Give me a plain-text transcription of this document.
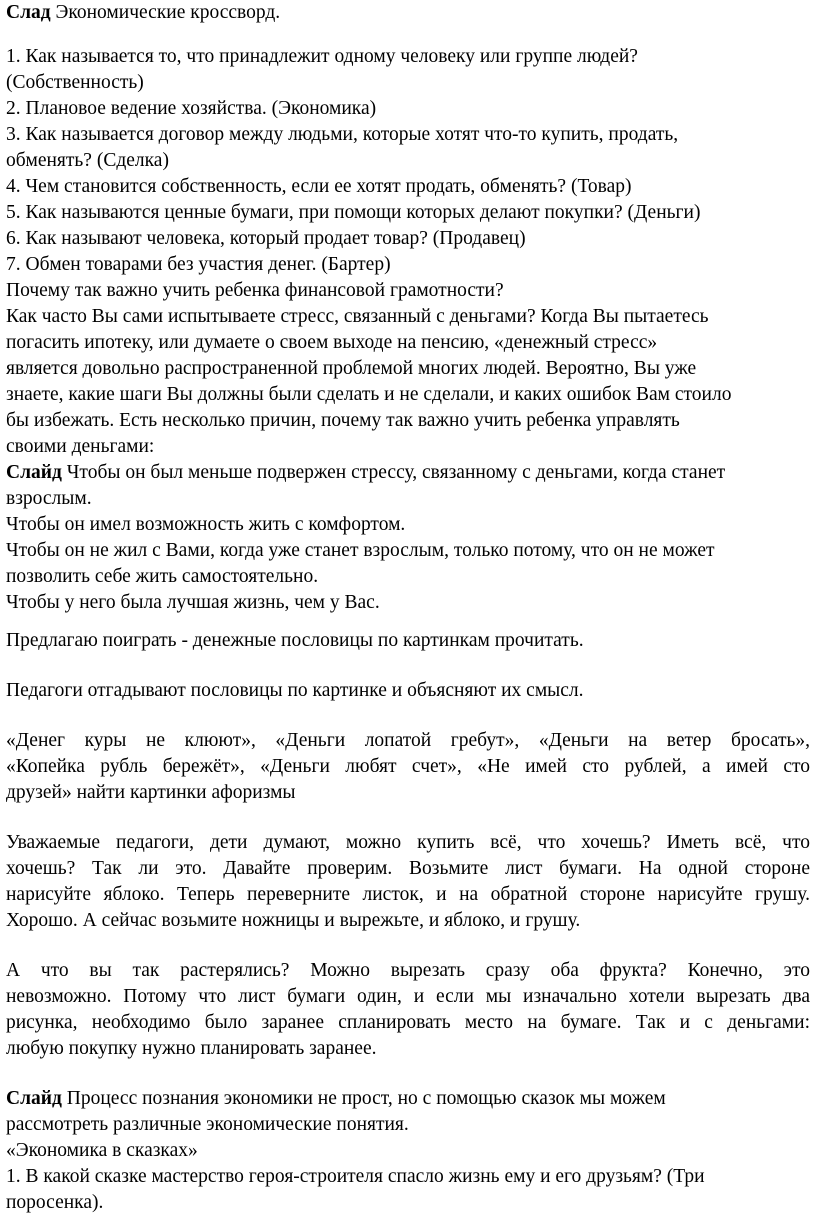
Слад Экономические кроссворд.
1. Как называется то, что принадлежит одному человеку или группе людей?
(Собственность)
2. Плановое ведение хозяйства. (Экономика)
3. Как называется договор между людьми, которые хотят что-то купить, продать,
обменять? (Сделка)
4. Чем становится собственность, если ее хотят продать, обменять? (Товар)
5. Как называются ценные бумаги, при помощи которых делают покупки? (Деньги)
6. Как называют человека, который продает товар? (Продавец)
7. Обмен товарами без участия денег. (Бартер)
Почему так важно учить ребенка финансовой грамотности?
Как часто Вы сами испытываете стресс, связанный с деньгами? Когда Вы пытаетесь
погасить ипотеку, или думаете о своем выходе на пенсию, «денежный стресс»
является довольно распространенной проблемой многих людей. Вероятно, Вы уже
знаете, какие шаги Вы должны были сделать и не сделали, и каких ошибок Вам стоило
бы избежать. Есть несколько причин, почему так важно учить ребенка управлять
своими деньгами:
Слайд Чтобы он был меньше подвержен стрессу, связанному с деньгами, когда станет
взрослым.
Чтобы он имел возможность жить с комфортом.
Чтобы он не жил с Вами, когда уже станет взрослым, только потому, что он не может
позволить себе жить самостоятельно.
Чтобы у него была лучшая жизнь, чем у Вас.
Предлагаю поиграть - денежные пословицы по картинкам прочитать.
Педагоги отгадывают пословицы по картинке и объясняют их смысл.
«Денег куры не клюют», «Деньги лопатой гребут», «Деньги на ветер бросать»,
«Копейка рубль бережёт», «Деньги любят счет», «Не имей сто рублей, а имей сто
друзей» найти картинки афоризмы
Уважаемые педагоги, дети думают, можно купить всё, что хочешь? Иметь всё, что
хочешь? Так ли это. Давайте проверим. Возьмите лист бумаги. На одной стороне
нарисуйте яблоко. Теперь переверните листок, и на обратной стороне нарисуйте грушу.
Хорошо. А сейчас возьмите ножницы и вырежьте, и яблоко, и грушу.
А что вы так растерялись? Можно вырезать сразу оба фрукта? Конечно, это
невозможно. Потому что лист бумаги один, и если мы изначально хотели вырезать два
рисунка, необходимо было заранее спланировать место на бумаге. Так и с деньгами:
любую покупку нужно планировать заранее.
Слайд Процесс познания экономики не прост, но с помощью сказок мы можем
рассмотреть различные экономические понятия.
«Экономика в сказках»
1. В какой сказке мастерство героя-строителя спасло жизнь ему и его друзьям? (Три
поросенка).
